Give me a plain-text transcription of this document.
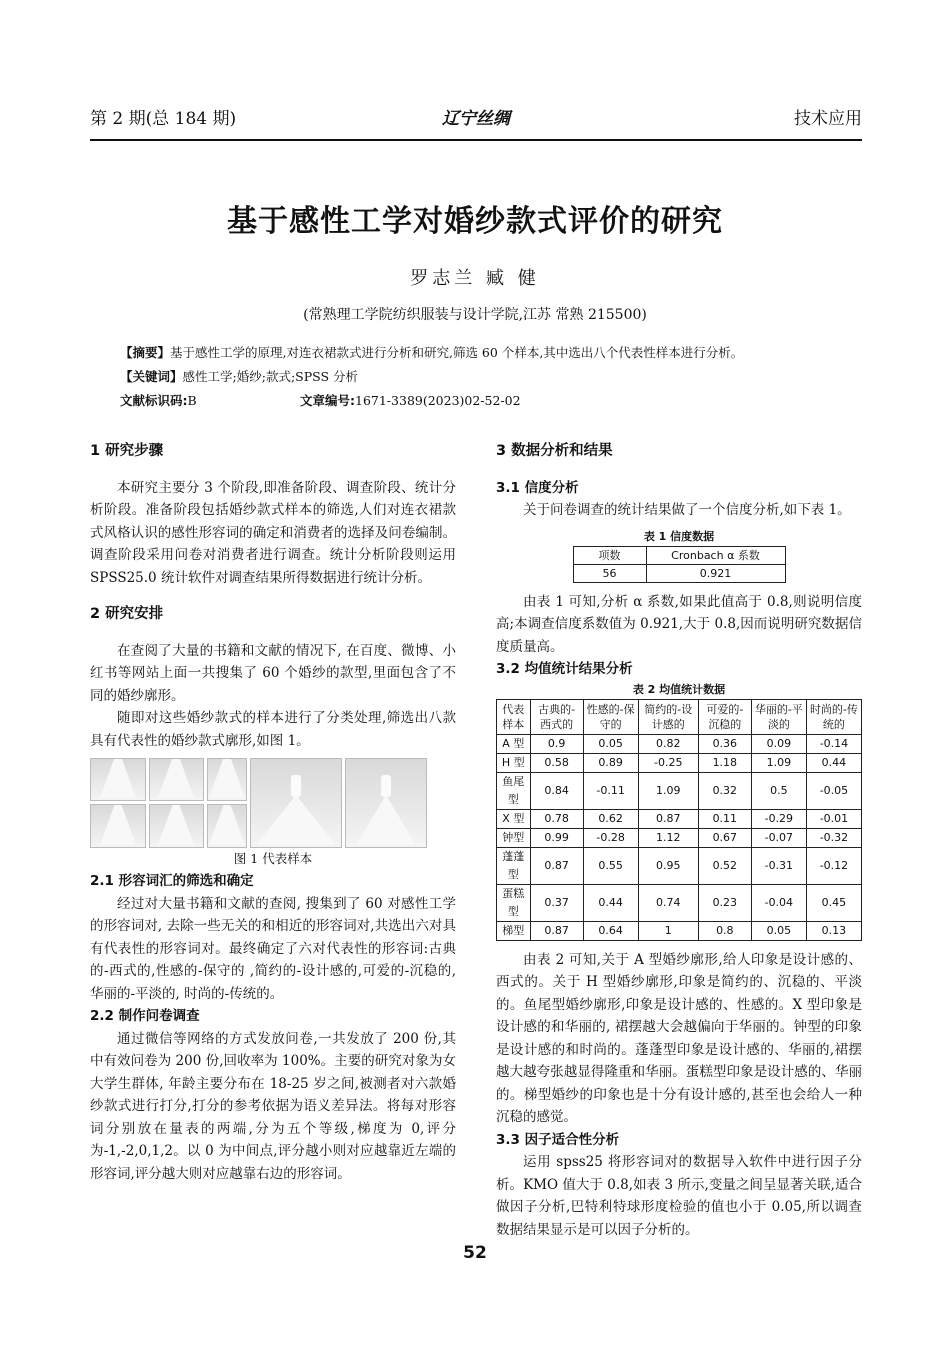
第 2 期(总 184 期)	辽宁丝绸	技术应用
基于感性工学对婚纱款式评价的研究
罗志兰 臧 健
(常熟理工学院纺织服装与设计学院,江苏 常熟 215500)
【摘要】基于感性工学的原理,对连衣裙款式进行分析和研究,筛选 60 个样本,其中选出八个代表性样本进行分析。
【关键词】感性工学;婚纱;款式;SPSS 分析
文献标识码:B	文章编号:1671-3389(2023)02-52-02
1 研究步骤

本研究主要分 3 个阶段,即准备阶段、调查阶段、统计分析阶段。准备阶段包括婚纱款式样本的筛选,人们对连衣裙款式风格认识的感性形容词的确定和消费者的选择及问卷编制。调查阶段采用问卷对消费者进行调查。统计分析阶段则运用 SPSS25.0 统计软件对调查结果所得数据进行统计分析。

2 研究安排

在查阅了大量的书籍和文献的情况下, 在百度、微博、小红书等网站上面一共搜集了 60 个婚纱的款型,里面包含了不同的婚纱廓形。

随即对这些婚纱款式的样本进行了分类处理,筛选出八款具有代表性的婚纱款式廓形,如图 1。

图 1 代表样本
2.1 形容词汇的筛选和确定

经过对大量书籍和文献的查阅, 搜集到了 60 对感性工学的形容词对, 去除一些无关的和相近的形容词对,共选出六对具有代表性的形容词对。最终确定了六对代表性的形容词:古典的-西式的,性感的-保守的 ,简约的-设计感的,可爱的-沉稳的, 华丽的-平淡的, 时尚的-传统的。

2.2 制作问卷调查

通过微信等网络的方式发放问卷,一共发放了 200 份,其中有效问卷为 200 份,回收率为 100%。主要的研究对象为女大学生群体, 年龄主要分布在 18-25 岁之间,被测者对六款婚纱款式进行打分,打分的参考依据为语义差异法。将每对形容词分别放在量表的两端,分为五个等级,梯度为 0,评分为-1,-2,0,1,2。以 0 为中间点,评分越小则对应越靠近左端的形容词,评分越大则对应越靠右边的形容词。

3 数据分析和结果
3.1 信度分析

关于问卷调查的统计结果做了一个信度分析,如下表 1。

表 1 信度数据
项数	Cronbach α 系数
56	0.921

由表 1 可知,分析 α 系数,如果此值高于 0.8,则说明信度高;本调查信度系数值为 0.921,大于 0.8,因而说明研究数据信度质量高。

3.2 均值统计结果分析
表 2 均值统计数据
代表样本	古典的-西式的	性感的-保守的	简约的-设计感的	可爱的-沉稳的	华丽的-平淡的	时尚的-传统的
A 型	0.9	0.05	0.82	0.36	0.09	-0.14
H 型	0.58	0.89	-0.25	1.18	1.09	0.44
鱼尾型	0.84	-0.11	1.09	0.32	0.5	-0.05
X 型	0.78	0.62	0.87	0.11	-0.29	-0.01
钟型	0.99	-0.28	1.12	0.67	-0.07	-0.32
蓬蓬型	0.87	0.55	0.95	0.52	-0.31	-0.12
蛋糕型	0.37	0.44	0.74	0.23	-0.04	0.45
梯型	0.87	0.64	1	0.8	0.05	0.13

由表 2 可知,关于 A 型婚纱廓形,给人印象是设计感的、西式的。关于 H 型婚纱廓形,印象是简约的、沉稳的、平淡的。鱼尾型婚纱廓形,印象是设计感的、性感的。X 型印象是设计感的和华丽的, 裙摆越大会越偏向于华丽的。钟型的印象是设计感的和时尚的。蓬蓬型印象是设计感的、华丽的,裙摆越大越夸张越显得隆重和华丽。蛋糕型印象是设计感的、华丽的。梯型婚纱的印象也是十分有设计感的,甚至也会给人一种沉稳的感觉。

3.3 因子适合性分析

运用 spss25 将形容词对的数据导入软件中进行因子分析。KMO 值大于 0.8,如表 3 所示,变量之间呈显著关联,适合做因子分析,巴特利特球形度检验的值也小于 0.05,所以调查数据结果显示是可以因子分析的。

52
